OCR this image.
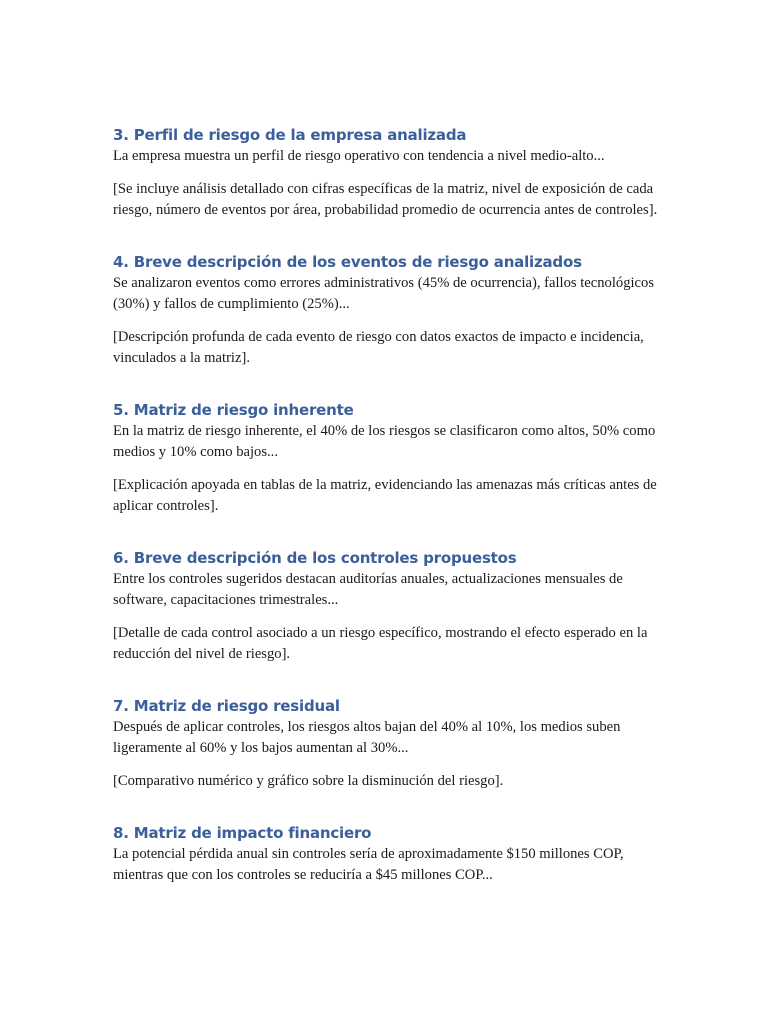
3. Perfil de riesgo de la empresa analizada

La empresa muestra un perfil de riesgo operativo con tendencia a nivel medio-alto...

[Se incluye análisis detallado con cifras específicas de la matriz, nivel de exposición de cada riesgo, número de eventos por área, probabilidad promedio de ocurrencia antes de controles].

4. Breve descripción de los eventos de riesgo analizados

Se analizaron eventos como errores administrativos (45% de ocurrencia), fallos tecnológicos (30%) y fallos de cumplimiento (25%)...

[Descripción profunda de cada evento de riesgo con datos exactos de impacto e incidencia, vinculados a la matriz].

5. Matriz de riesgo inherente

En la matriz de riesgo inherente, el 40% de los riesgos se clasificaron como altos, 50% como medios y 10% como bajos...

[Explicación apoyada en tablas de la matriz, evidenciando las amenazas más críticas antes de aplicar controles].

6. Breve descripción de los controles propuestos

Entre los controles sugeridos destacan auditorías anuales, actualizaciones mensuales de software, capacitaciones trimestrales...

[Detalle de cada control asociado a un riesgo específico, mostrando el efecto esperado en la reducción del nivel de riesgo].

7. Matriz de riesgo residual

Después de aplicar controles, los riesgos altos bajan del 40% al 10%, los medios suben ligeramente al 60% y los bajos aumentan al 30%...

[Comparativo numérico y gráfico sobre la disminución del riesgo].

8. Matriz de impacto financiero

La potencial pérdida anual sin controles sería de aproximadamente $150 millones COP, mientras que con los controles se reduciría a $45 millones COP...
